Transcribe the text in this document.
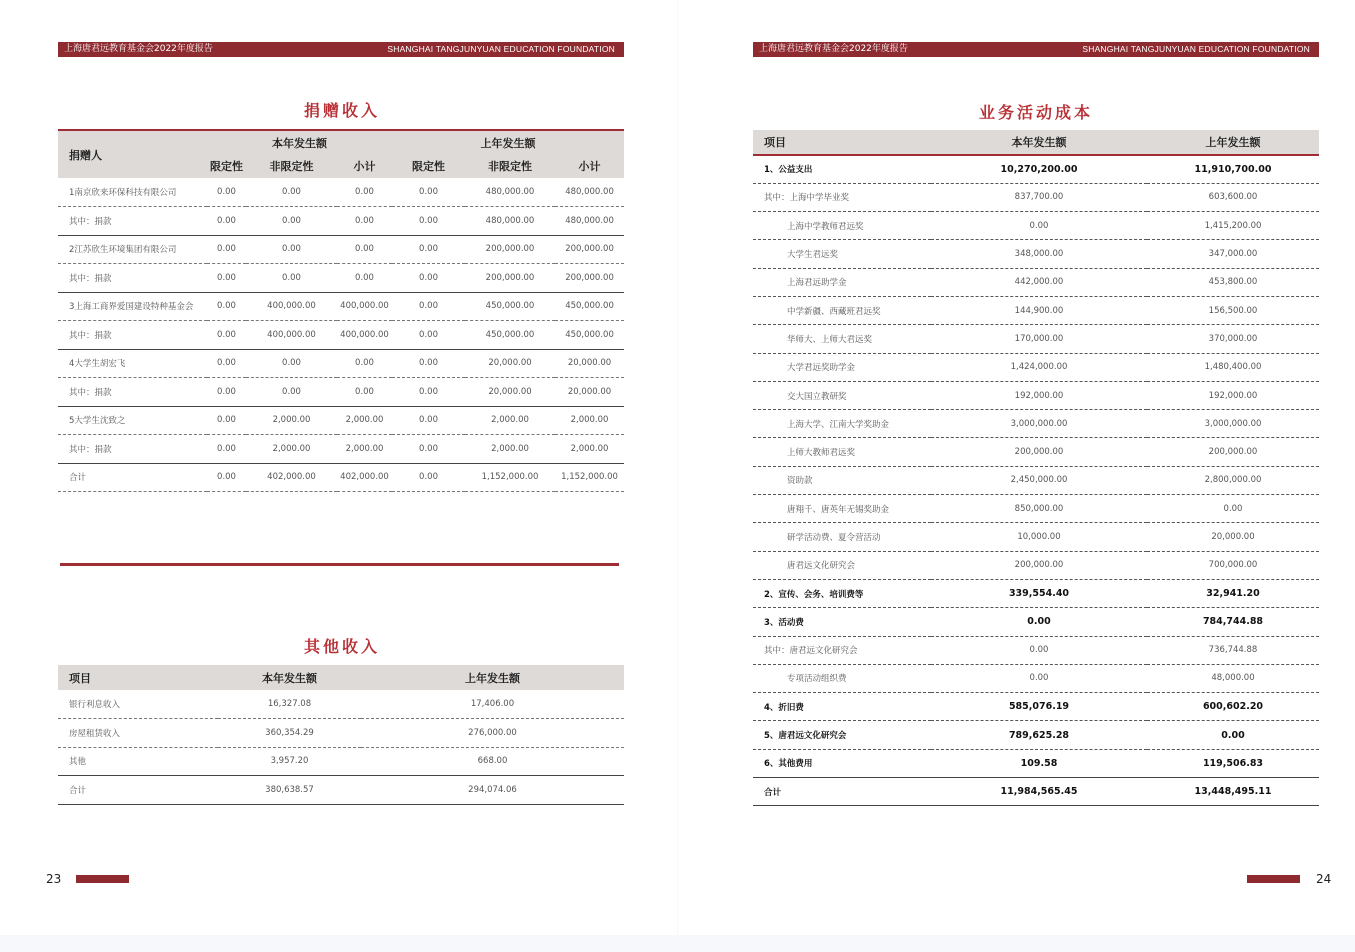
上海唐君远教育基金会2022年度报告	SHANGHAI TANGJUNYUAN EDUCATION FOUNDATION
捐赠收入
捐赠人	本年发生额			上年发生额		
	限定性	非限定性	小计	限定性	非限定性	小计
1南京欣来环保科技有限公司	0.00	0.00	0.00	0.00	480,000.00	480,000.00
其中：捐款	0.00	0.00	0.00	0.00	480,000.00	480,000.00
2江苏欣生环境集团有限公司	0.00	0.00	0.00	0.00	200,000.00	200,000.00
其中：捐款	0.00	0.00	0.00	0.00	200,000.00	200,000.00
3上海工商界爱国建设特种基金会	0.00	400,000.00	400,000.00	0.00	450,000.00	450,000.00
其中：捐款	0.00	400,000.00	400,000.00	0.00	450,000.00	450,000.00
4大学生胡宏飞	0.00	0.00	0.00	0.00	20,000.00	20,000.00
其中：捐款	0.00	0.00	0.00	0.00	20,000.00	20,000.00
5大学生沈致之	0.00	2,000.00	2,000.00	0.00	2,000.00	2,000.00
其中：捐款	0.00	2,000.00	2,000.00	0.00	2,000.00	2,000.00
合计	0.00	402,000.00	402,000.00	0.00	1,152,000.00	1,152,000.00
其他收入
项目	本年发生额	上年发生额
银行利息收入	16,327.08	17,406.00
房屋租赁收入	360,354.29	276,000.00
其他	3,957.20	668.00
合计	380,638.57	294,074.06
23
上海唐君远教育基金会2022年度报告	SHANGHAI TANGJUNYUAN EDUCATION FOUNDATION
业务活动成本
项目	本年发生额	上年发生额
1、公益支出	10,270,200.00	11,910,700.00
其中：上海中学毕业奖	837,700.00	603,600.00
上海中学教师君远奖	0.00	1,415,200.00
大学生君远奖	348,000.00	347,000.00
上海君远助学金	442,000.00	453,800.00
中学新疆、西藏班君远奖	144,900.00	156,500.00
华师大、上师大君远奖	170,000.00	370,000.00
大学君远奖助学金	1,424,000.00	1,480,400.00
交大国立教研奖	192,000.00	192,000.00
上海大学、江南大学奖助金	3,000,000.00	3,000,000.00
上师大教师君远奖	200,000.00	200,000.00
资助款	2,450,000.00	2,800,000.00
唐翔千、唐英年无锡奖助金	850,000.00	0.00
研学活动费、夏令营活动	10,000.00	20,000.00
唐君远文化研究会	200,000.00	700,000.00
2、宣传、会务、培训费等	339,554.40	32,941.20
3、活动费	0.00	784,744.88
其中：唐君远文化研究会	0.00	736,744.88
专项活动组织费	0.00	48,000.00
4、折旧费	585,076.19	600,602.20
5、唐君远文化研究会	789,625.28	0.00
6、其他费用	109.58	119,506.83
合计	11,984,565.45	13,448,495.11
24
